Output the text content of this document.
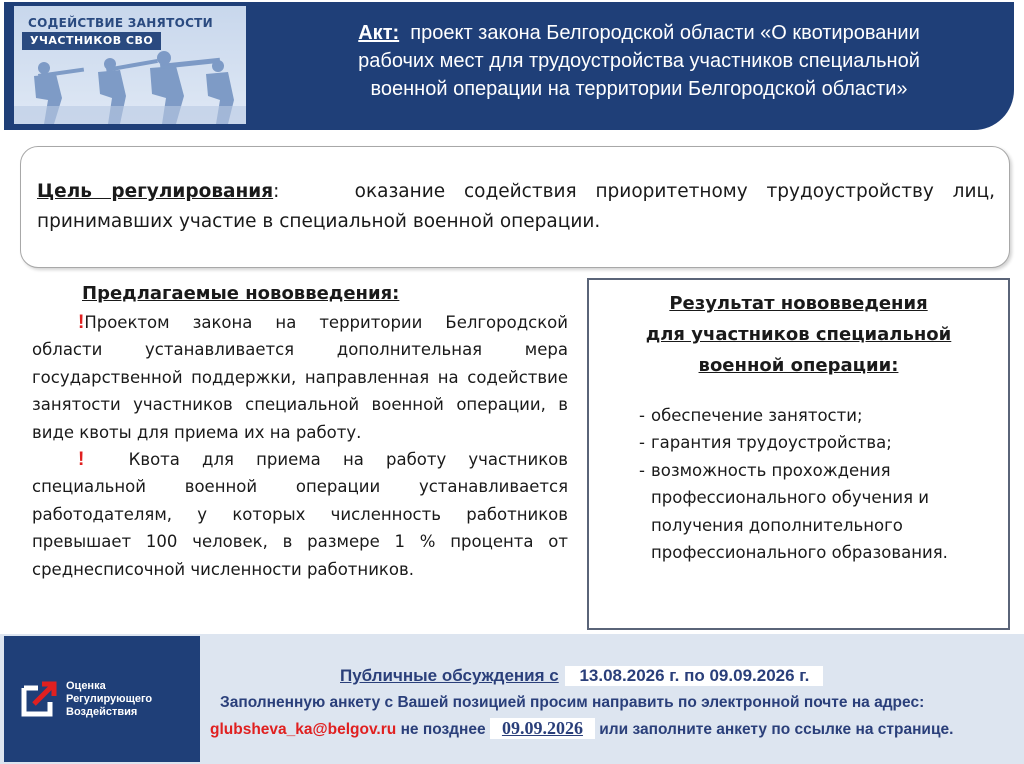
СОДЕЙСТВИЕ ЗАНЯТОСТИ
УЧАСТНИКОВ СВО	Акт: проект закона Белгородской области «О квотировании
рабочих мест для трудоустройства участников специальной
военной операции на территории Белгородской области»
Цель регулирования:	оказание содействия приоритетному трудоустройству лиц, принимавших участие в специальной военной операции.
Предлагаемые нововведения:

!Проектом закона на территории Белгородской области устанавливается дополнительная мера государственной поддержки, направленная на содействие занятости участников специальной военной операции, в виде квоты для приема их на работу.

!	Квота для приема на работу участников специальной военной операции устанавливается работодателям, у которых численность работников превышает 100 человек, в размере 1 % процента от среднесписочной численности работников.

Результат нововведения
для участников специальной
военной операции:
- обеспечение занятости;
- гарантия трудоустройства;
- возможность прохождения профессионального обучения и получения дополнительного профессионального образования.
Оценка
Регулирующего
Воздействия
Публичные обсуждения с 13.08.2026 г. по 09.09.2026 г.
Заполненную анкету с Вашей позицией просим направить по электронной почте на адрес:
glubsheva_ka@belgov.ru не позднее 09.09.2026 или заполните анкету по ссылке на странице.
